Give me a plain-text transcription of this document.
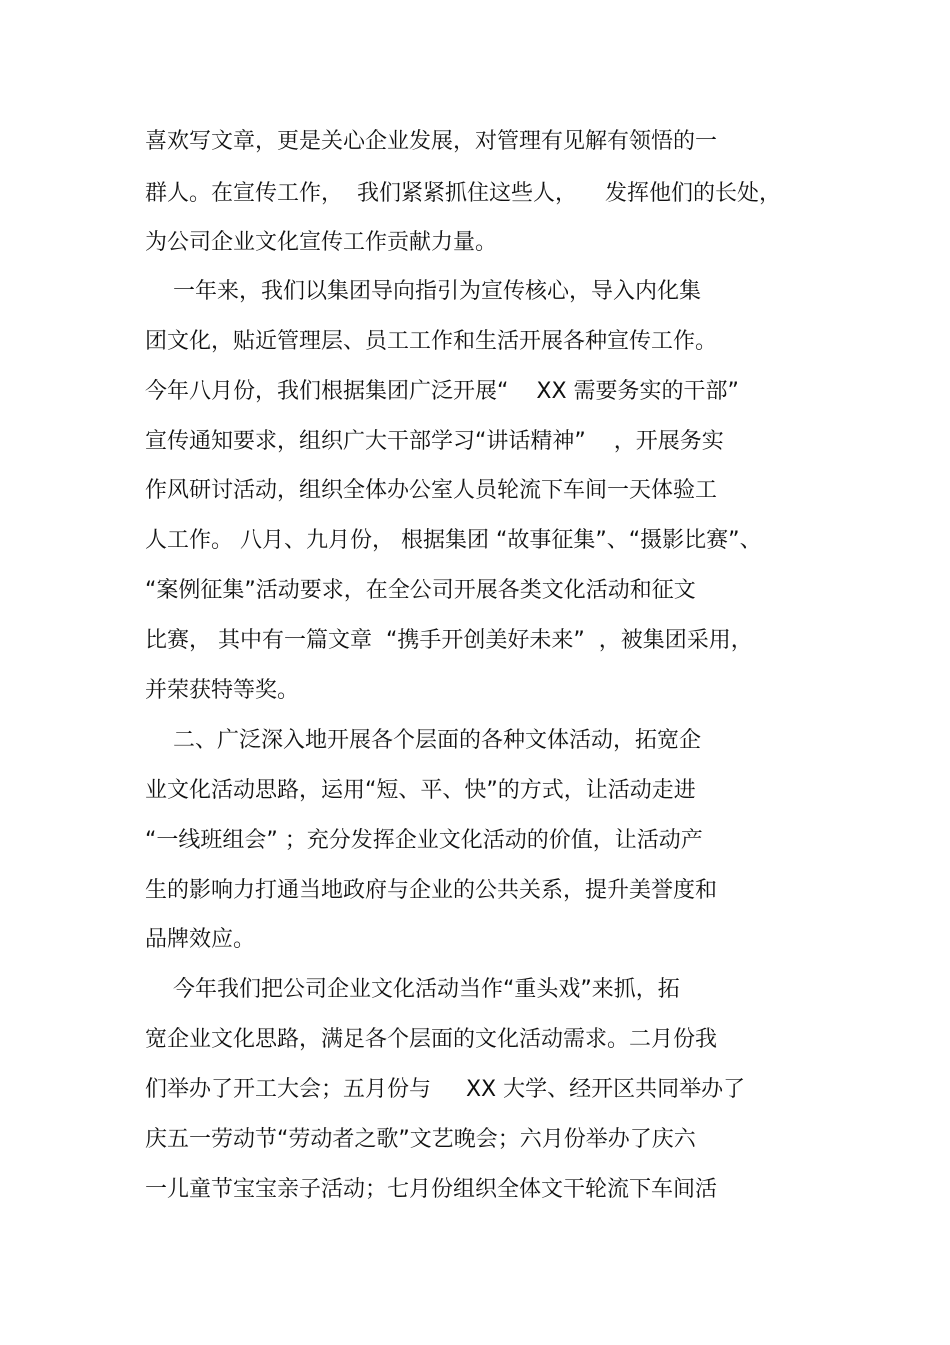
喜欢写文章，更是关心企业发展，对管理有见解有领悟的一
群人。在宣传工作，  我们紧紧抓住这些人，    发挥他们的长处，
为公司企业文化宣传工作贡献力量。
一年来，我们以集团导向指引为宣传核心，导入内化集
团文化，贴近管理层、员工工作和生活开展各种宣传工作。
今年八月份，我们根据集团广泛开展“    XX 需要务实的干部”
宣传通知要求，组织广大干部学习“讲话精神”    ，开展务实
作风研讨活动，组织全体办公室人员轮流下车间一天体验工
人工作。 八月、九月份， 根据集团 “故事征集”、“摄影比赛”、
“案例征集”活动要求，在全公司开展各类文化活动和征文
比赛， 其中有一篇文章  “携手开创美好未来”  ，被集团采用，
并荣获特等奖。
二、广泛深入地开展各个层面的各种文体活动，拓宽企
业文化活动思路，运用“短、平、快”的方式，让活动走进
“一线班组会” ；充分发挥企业文化活动的价值，让活动产
生的影响力打通当地政府与企业的公共关系，提升美誉度和
品牌效应。
今年我们把公司企业文化活动当作“重头戏”来抓，拓
宽企业文化思路，满足各个层面的文化活动需求。二月份我
们举办了开工大会；五月份与     XX 大学、经开区共同举办了
庆五一劳动节“劳动者之歌”文艺晚会；六月份举办了庆六
一儿童节宝宝亲子活动；七月份组织全体文干轮流下车间活
